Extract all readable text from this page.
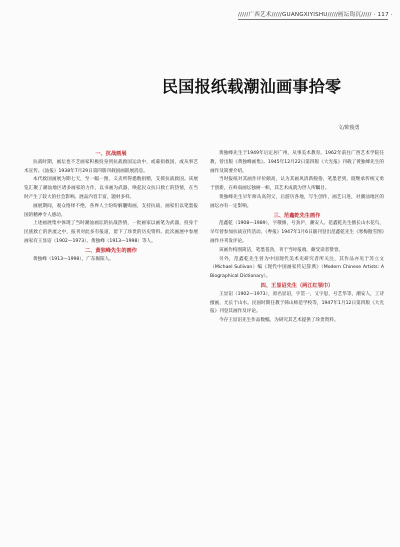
/////广西艺术/////GUANGXIYISHU/////画坛钩沉///// · 117 ·
民国报纸载潮汕画事拾零
文/欧俊勇

一、抗战画展

抗战时期，画坛也不乏画家积极投身到抗战救国运动中，或募捐救国，或从事艺术宣传。《汕报》1938年7月29日第四版刊载国画联展消息。

本代救国画展为期七天，至一幅一图，义卖所得悉数捐赠，支援抗战救国。该展览汇聚了潮汕地区诸多画家的力作，以书画为武器，唤起民众抗日救亡的热情，在当时产生了较大的社会影响。展品内容丰富，题材多样。

画展期间，观众络绎不绝，各界人士纷纷解囊购画，支持抗战，画家们以笔墨报国的精神令人感动。

上述画展集中体现了当时潮汕画坛的抗战热情，一批画家以画笔为武器，投身于民族救亡的洪流之中，报刊对此多有报道，留下了珍贵的历史资料。此次画展中参展画家有王显诏（1902—1973）、黄独峰（1913—1998）等人。

二、黄独峰先生的画作

黄独峰（1913—1998），广东揭阳人。

黄独峰先生于1949年后定居广州，从事美术教育。1962年前往广西艺术学院任教，曾出版《黄独峰画集》。1945年12月22日第四版《大光报》刊载了黄独峰先生的画作及简要介绍。

当时报纸对其画作评价颇高，认为其画风清新脱俗，笔墨老到，既继承传统又勇于创新，在岭南画坛独树一帜，其艺术成就为世人所瞩目。

黄独峰先生早年师从高剑父，后游历各地，写生创作，画艺日进，对潮汕地区的画坛亦有一定影响。

三、范鑫乾先生画作

范鑫乾（1908—1989），字敬修，号劲庐，潮安人。范鑫乾先生擅长山水花鸟，早年曾参加抗战宣传活动。《粤报》1947年1月6日副刊登出范鑫乾先生《寒梅傲雪图》画作并刊发评论。

该画作构图简洁，笔墨苍劲，刊于当时报端，颇受读者赞誉。

另外，范鑫乾先生曾为中国现代美术史研究者所关注，其作品亦见于苏立文（Michael Sullivan）编《现代中国画家传记辞典》（Modern Chinese Artists: A Biographical Dictionary）。

四、王显诏先生（两江红领巾）

王显诏（1902—1973），原名显诏，字贯一，又字思，号艺华等，潮安人，工诗擅画，尤长于山水。民国时期任教于韩山师范学校等，1947年1月12日第四版《大光报》刊登其画作及评论。

今存王显诏先生作品数幅，为研究其艺术提供了珍贵资料。
